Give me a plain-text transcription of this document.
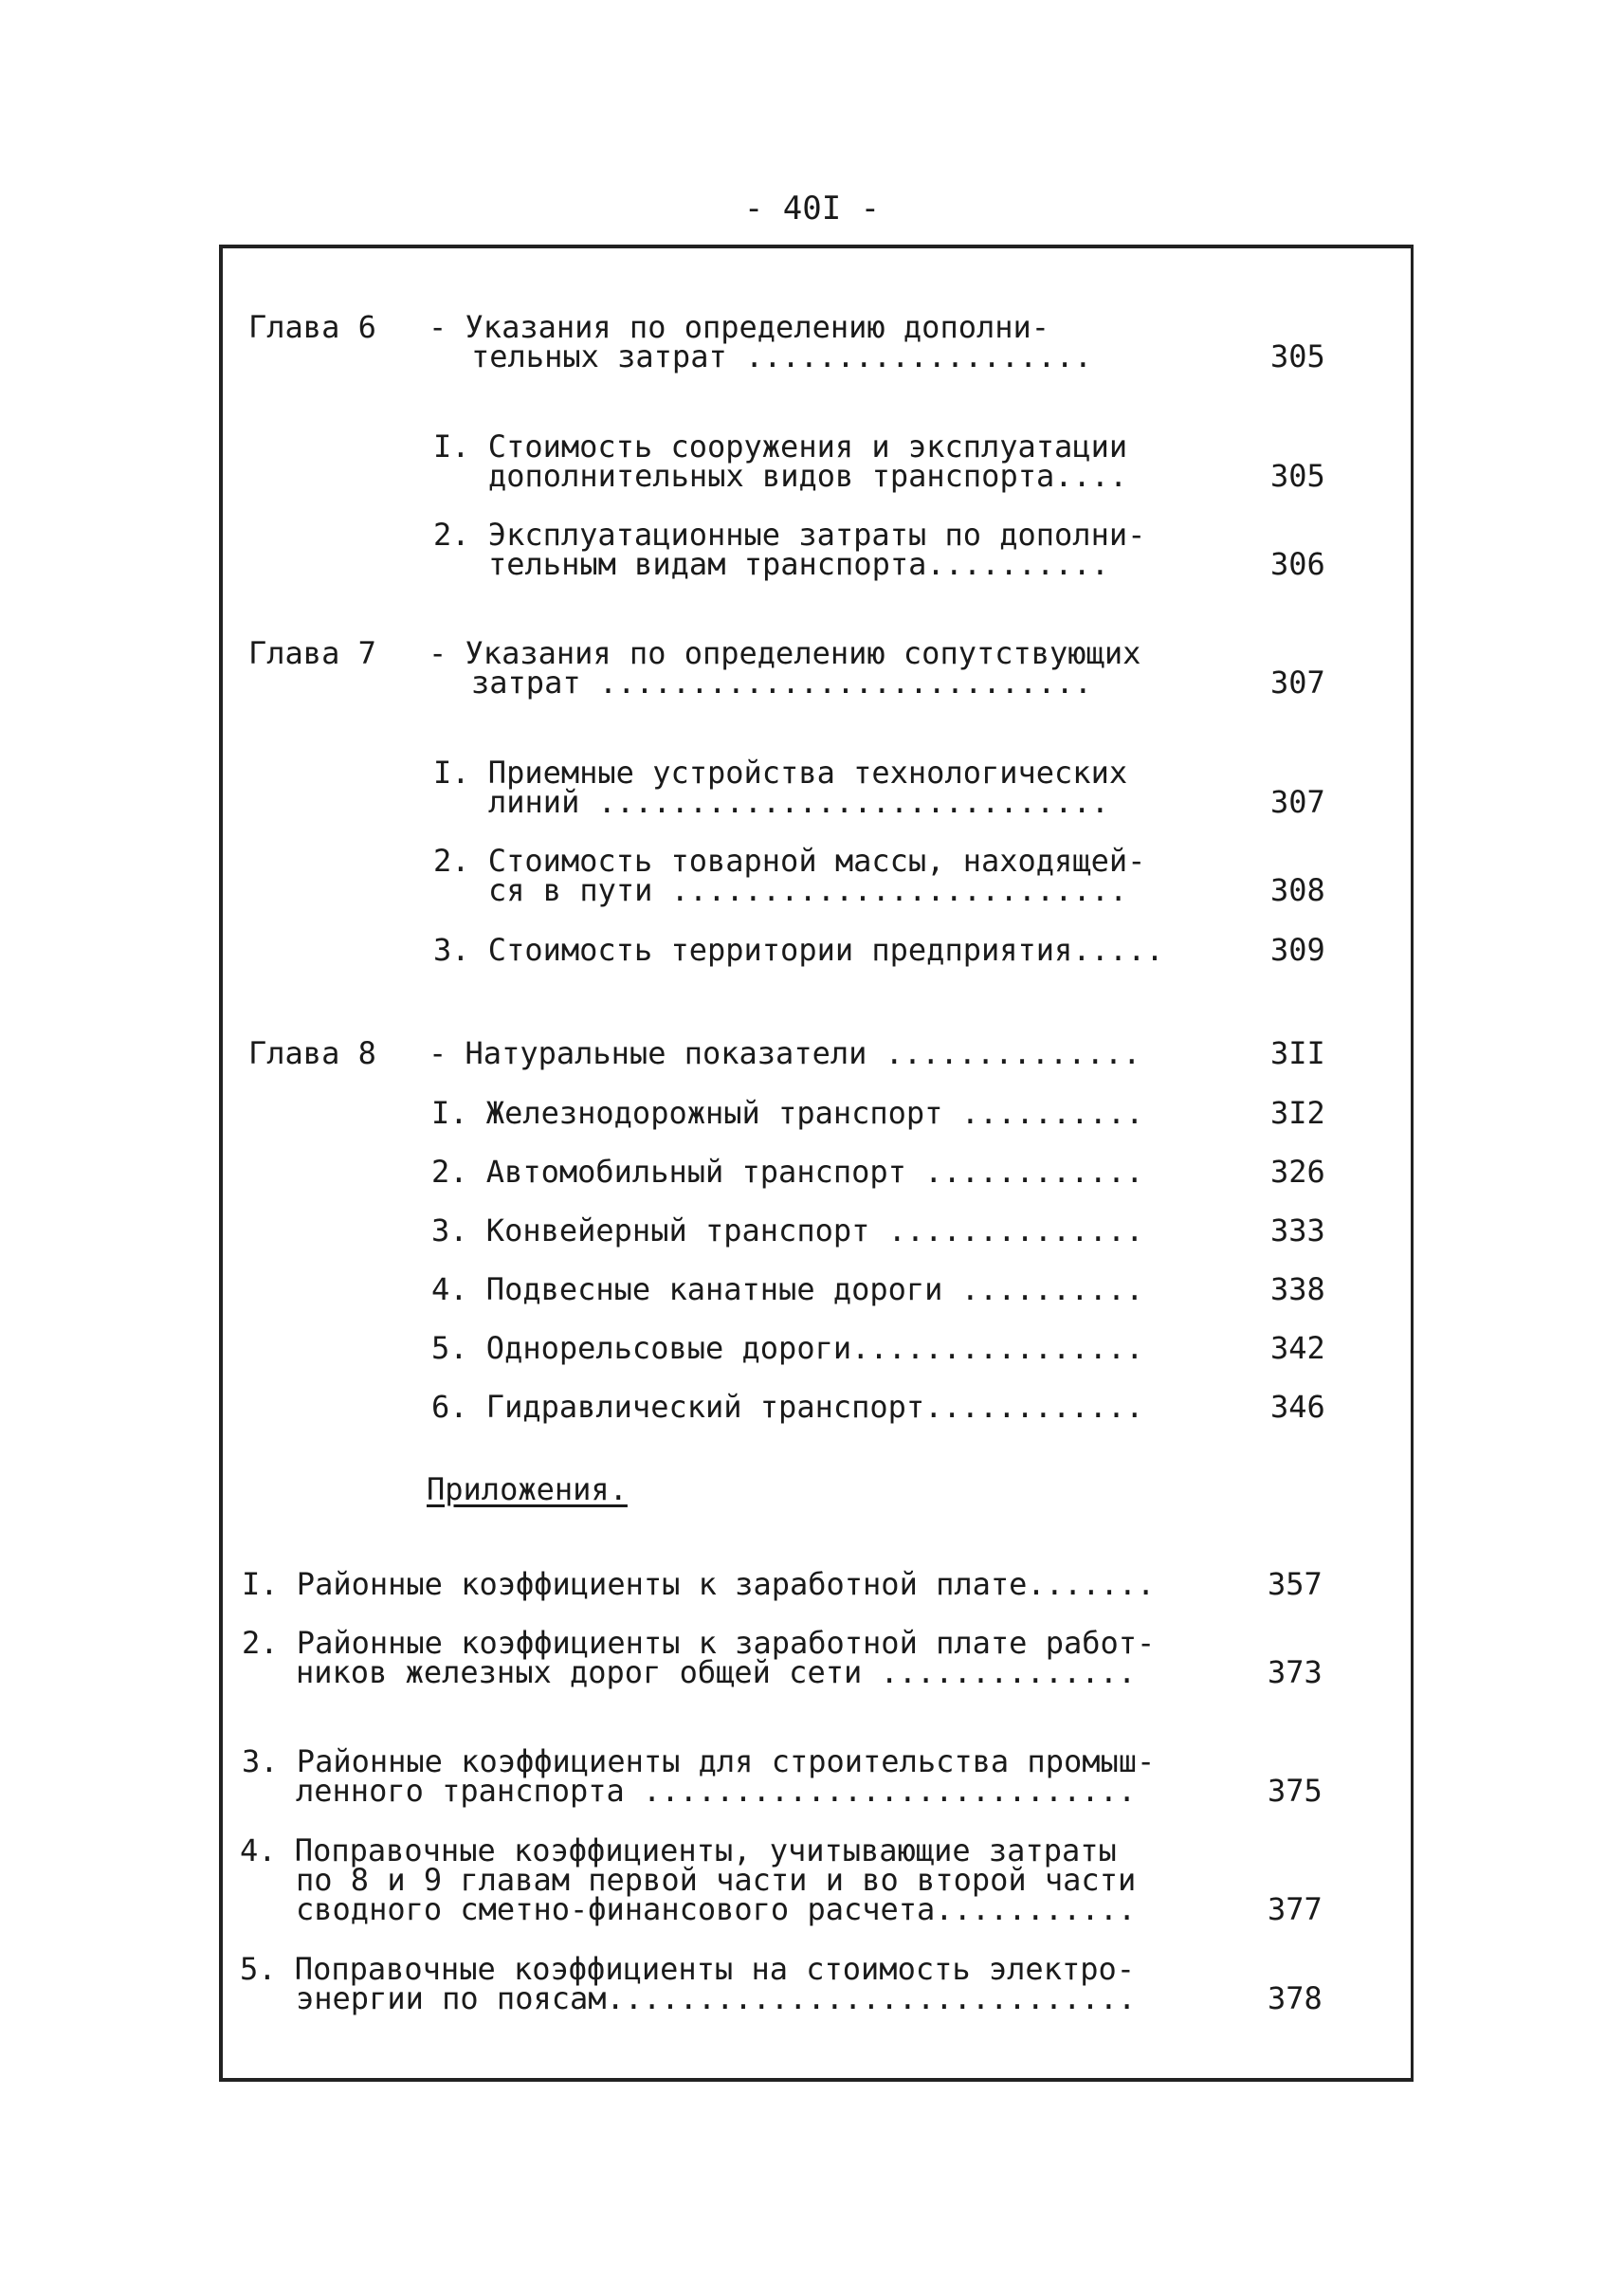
- 40I -
Глава 6 - Указания по определению дополни-
тельных затрат ...................	305
I. Стоимость сооружения и эксплуатации
дополнительных видов транспорта....	305
2. Эксплуатационные затраты по дополни-
тельным видам транспорта..........	306
Глава 7 - Указания по определению сопутствующих
затрат ...........................	307
I. Приемные устройства технологических
линий ............................	307
2. Стоимость товарной массы, находящей-
ся в пути .........................	308
3. Стоимость территории предприятия.....	309
Глава 8 - Натуральные показатели ..............	3II
I. Железнодорожный транспорт ..........	3I2
2. Автомобильный транспорт ............	326
3. Конвейерный транспорт ..............	333
4. Подвесные канатные дороги ..........	338
5. Однорельсовые дороги................	342
6. Гидравлический транспорт............	346
Приложения.
I. Районные коэффициенты к заработной плате.......	357
2. Районные коэффициенты к заработной плате работ-
ников железных дорог общей сети ..............	373
3. Районные коэффициенты для строительства промыш-
ленного транспорта ...........................	375
4. Поправочные коэффициенты, учитывающие затраты
по 8 и 9 главам первой части и во второй части
сводного сметно-финансового расчета...........	377
5. Поправочные коэффициенты на стоимость электро-
энергии по поясам.............................	378
